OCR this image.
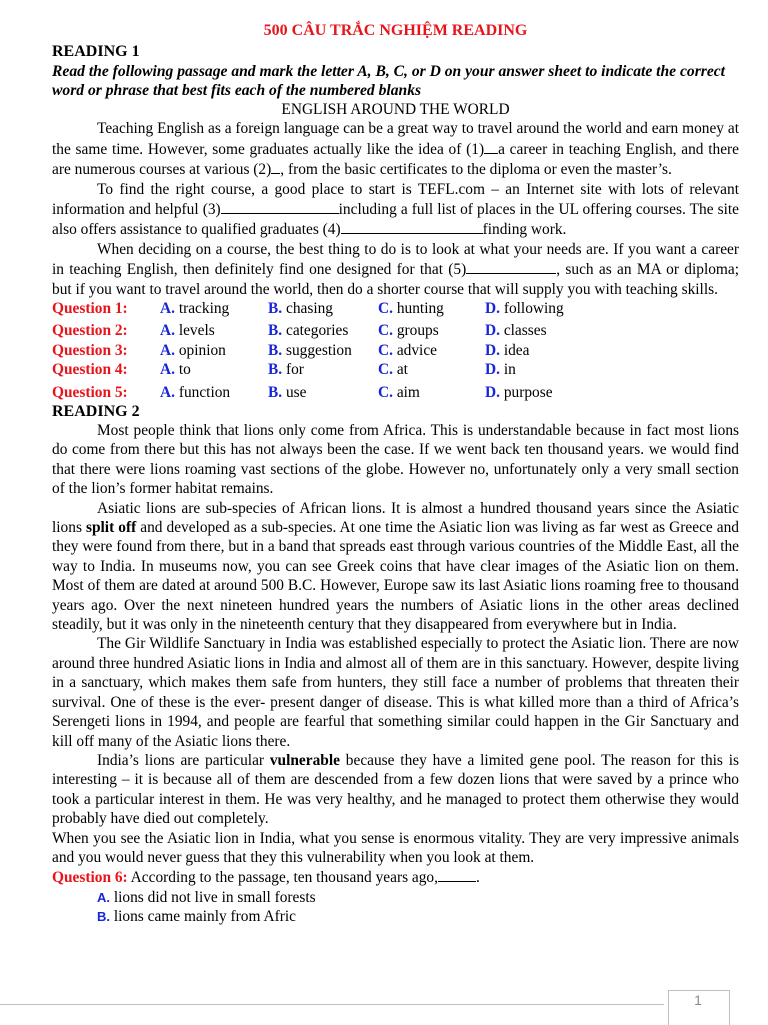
500 CÂU TRẮC NGHIỆM READING
READING 1
Read the following passage and mark the letter A, B, C, or D on your answer sheet to indicate the correct word or phrase that best fits each of the numbered blanks
ENGLISH AROUND THE WORLD
Teaching English as a foreign language can be a great way to travel around the world and earn money at the same time. However, some graduates actually like the idea of (1) a career in teaching English, and there are numerous courses at various (2) , from the basic certificates to the diploma or even the master’s.
To find the right course, a good place to start is TEFL.com – an Internet site with lots of relevant information and helpful (3)	including a full list of places in the UL offering courses. The site also offers assistance to qualified graduates (4)	finding work.
When deciding on a course, the best thing to do is to look at what your needs are. If you want a career in teaching English, then definitely find one designed for that (5)	, such as an MA or diploma; but if you want to travel around the world, then do a shorter course that will supply you with teaching skills.
Question 1: A. tracking	B. chasing	C. hunting	D. following
Question 2: A. levels	B. categories C. groups	D. classes
Question 3: A. opinion	B. suggestion C. advice	D. idea
Question 4: A. to	B. for	C. at	D. in
Question 5: A. function B. use	C. aim	D. purpose
READING 2
Most people think that lions only come from Africa. This is understandable because in fact most lions do come from there but this has not always been the case. If we went back ten thousand years. we would find that there were lions roaming vast sections of the globe. However no, unfortunately only a very small section of the lion’s former habitat remains.
Asiatic lions are sub-species of African lions. It is almost a hundred thousand years since the Asiatic lions split off and developed as a sub-species. At one time the Asiatic lion was living as far west as Greece and they were found from there, but in a band that spreads east through various countries of the Middle East, all the way to India. In museums now, you can see Greek coins that have clear images of the Asiatic lion on them. Most of them are dated at around 500 B.C. However, Europe saw its last Asiatic lions roaming free to thousand years ago. Over the next nineteen hundred years the numbers of Asiatic lions in the other areas declined steadily, but it was only in the nineteenth century that they disappeared from everywhere but in India.
The Gir Wildlife Sanctuary in India was established especially to protect the Asiatic lion. There are now around three hundred Asiatic lions in India and almost all of them are in this sanctuary. However, despite living in a sanctuary, which makes them safe from hunters, they still face a number of problems that threaten their survival. One of these is the ever- present danger of disease. This is what killed more than a third of Africa’s Serengeti lions in 1994, and people are fearful that something similar could happen in the Gir Sanctuary and kill off many of the Asiatic lions there.
India’s lions are particular vulnerable because they have a limited gene pool. The reason for this is interesting – it is because all of them are descended from a few dozen lions that were saved by a prince who took a particular interest in them. He was very healthy, and he managed to protect them otherwise they would probably have died out completely.
When you see the Asiatic lion in India, what you sense is enormous vitality. They are very impressive animals and you would never guess that they this vulnerability when you look at them.
Question 6: According to the passage, ten thousand years ago, .
A. lions did not live in small forests
B. lions came mainly from Afric
1
